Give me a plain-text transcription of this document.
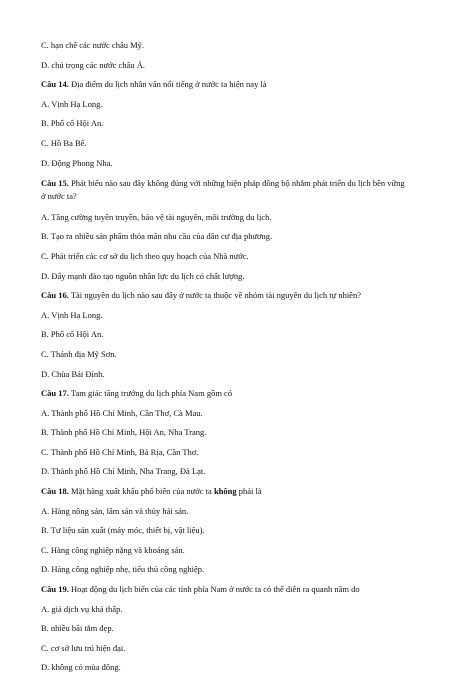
C. hạn chế các nước châu Mỹ.

D. chú trọng các nước châu Á.

Câu 14. Địa điểm du lịch nhân văn nổi tiếng ở nước ta hiện nay là

A. Vịnh Hạ Long.

B. Phố cổ Hội An.

C. Hồ Ba Bể.

D. Động Phong Nha.

Câu 15. Phát biểu nào sau đây không đúng với những biện pháp đồng bộ nhằm phát triển du lịch bền vững ở nước ta?

A. Tăng cường tuyên truyền, bảo vệ tài nguyên, môi trường du lịch.

B. Tạo ra nhiều sản phẩm thỏa mãn nhu cầu của dân cư địa phương.

C. Phát triển các cơ sở du lịch theo quy hoạch của Nhà nước.

D. Đẩy mạnh đào tạo nguồn nhân lực du lịch có chất lượng.

Câu 16. Tài nguyên du lịch nào sau đây ở nước ta thuộc về nhóm tài nguyên du lịch tự nhiên?

A. Vịnh Hạ Long.

B. Phố cổ Hội An.

C. Thánh địa Mỹ Sơn.

D. Chùa Bái Đính.

Câu 17. Tam giác tăng trưởng du lịch phía Nam gồm có

A. Thành phố Hồ Chí Minh, Cần Thơ, Cà Mau.

B. Thành phố Hồ Chí Minh, Hội An, Nha Trang.

C. Thành phố Hồ Chí Minh, Bà Rịa, Cần Thơ.

D. Thành phố Hồ Chí Minh, Nha Trang, Đà Lạt.

Câu 18. Mặt hàng xuất khẩu phổ biến của nước ta không phải là

A. Hàng nông sản, lâm sản và thủy hải sản.

B. Tư liệu sản xuất (máy móc, thiết bị, vật liệu).

C. Hàng công nghiệp nặng và khoáng sản.

D. Hàng công nghiệp nhẹ, tiểu thủ công nghiệp.

Câu 19. Hoạt động du lịch biển của các tỉnh phía Nam ở nước ta có thể diễn ra quanh năm do

A. giá dịch vụ khá thấp.

B. nhiều bãi tắm đẹp.

C. cơ sở lưu trú hiện đại.

D. không có mùa đông.
